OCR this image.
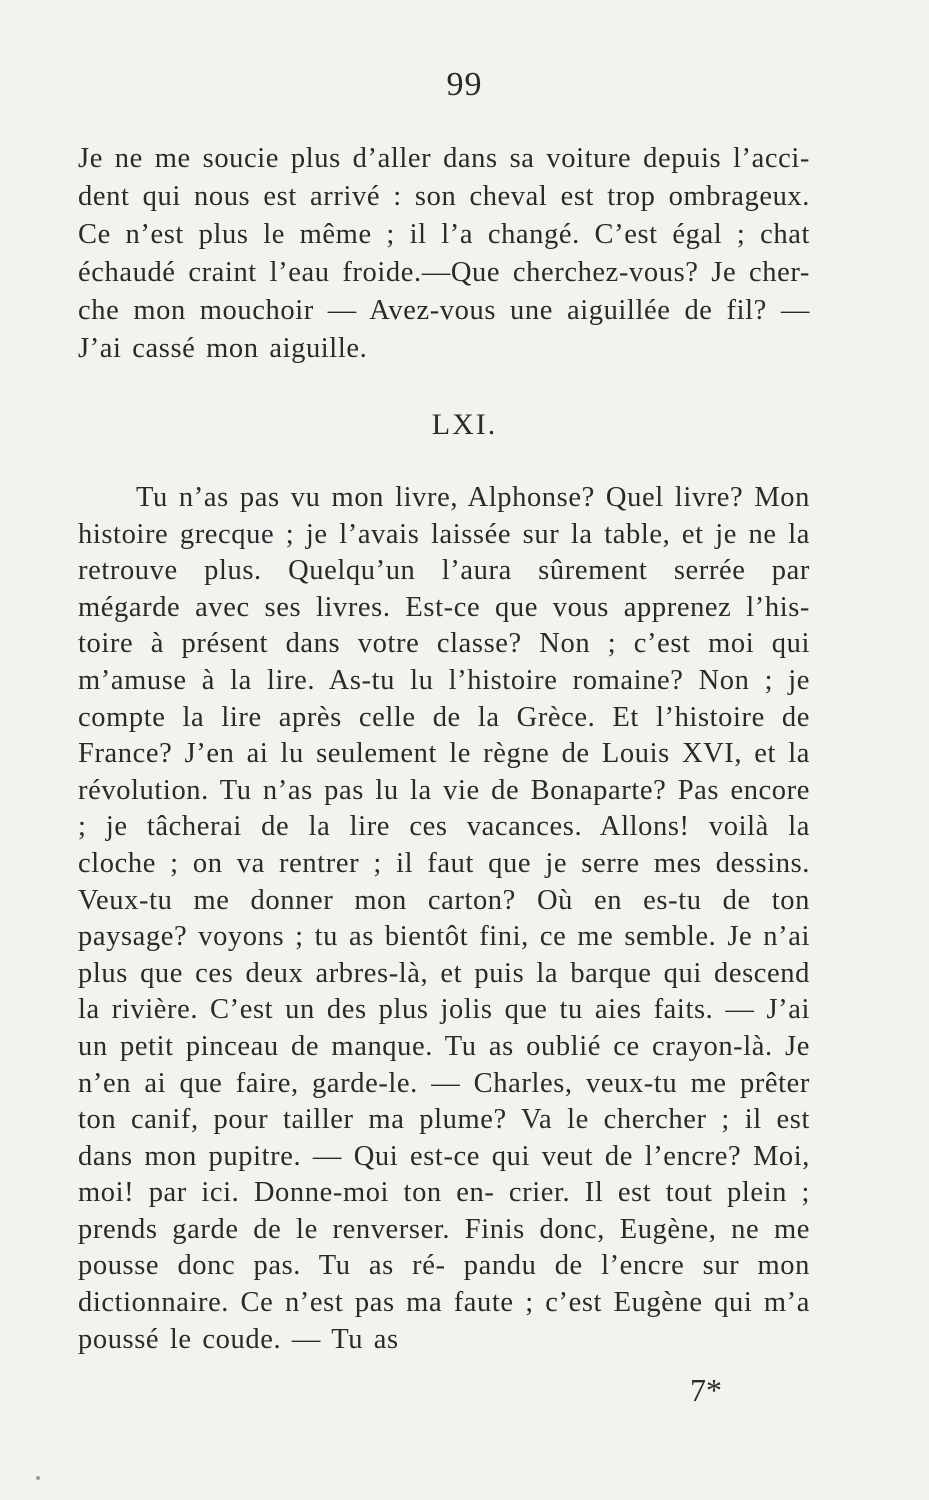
99

Je ne me soucie plus d’aller dans sa voiture depuis l’acci- dent qui nous est arrivé : son cheval est trop ombrageux. Ce n’est plus le même ; il l’a changé. C’est égal ; chat échaudé craint l’eau froide.—Que cherchez-vous? Je cher- che mon mouchoir — Avez-vous une aiguillée de fil? — J’ai cassé mon aiguille.

LXI.

Tu n’as pas vu mon livre, Alphonse? Quel livre? Mon histoire grecque ; je l’avais laissée sur la table, et je ne la retrouve plus. Quelqu’un l’aura sûrement serrée par mégarde avec ses livres. Est-ce que vous apprenez l’his- toire à présent dans votre classe? Non ; c’est moi qui m’amuse à la lire. As-tu lu l’histoire romaine? Non ; je compte la lire après celle de la Grèce. Et l’histoire de France? J’en ai lu seulement le règne de Louis XVI, et la révolution. Tu n’as pas lu la vie de Bonaparte? Pas encore ; je tâcherai de la lire ces vacances. Allons! voilà la cloche ; on va rentrer ; il faut que je serre mes dessins. Veux-tu me donner mon carton? Où en es-tu de ton paysage? voyons ; tu as bientôt fini, ce me semble. Je n’ai plus que ces deux arbres-là, et puis la barque qui descend la rivière. C’est un des plus jolis que tu aies faits. — J’ai un petit pinceau de manque. Tu as oublié ce crayon-là. Je n’en ai que faire, garde-le. — Charles, veux-tu me prêter ton canif, pour tailler ma plume? Va le chercher ; il est dans mon pupitre. — Qui est-ce qui veut de l’encre? Moi, moi! par ici. Donne-moi ton en- crier. Il est tout plein ; prends garde de le renverser. Finis donc, Eugène, ne me pousse donc pas. Tu as ré- pandu de l’encre sur mon dictionnaire. Ce n’est pas ma faute ; c’est Eugène qui m’a poussé le coude. — Tu as

7*
